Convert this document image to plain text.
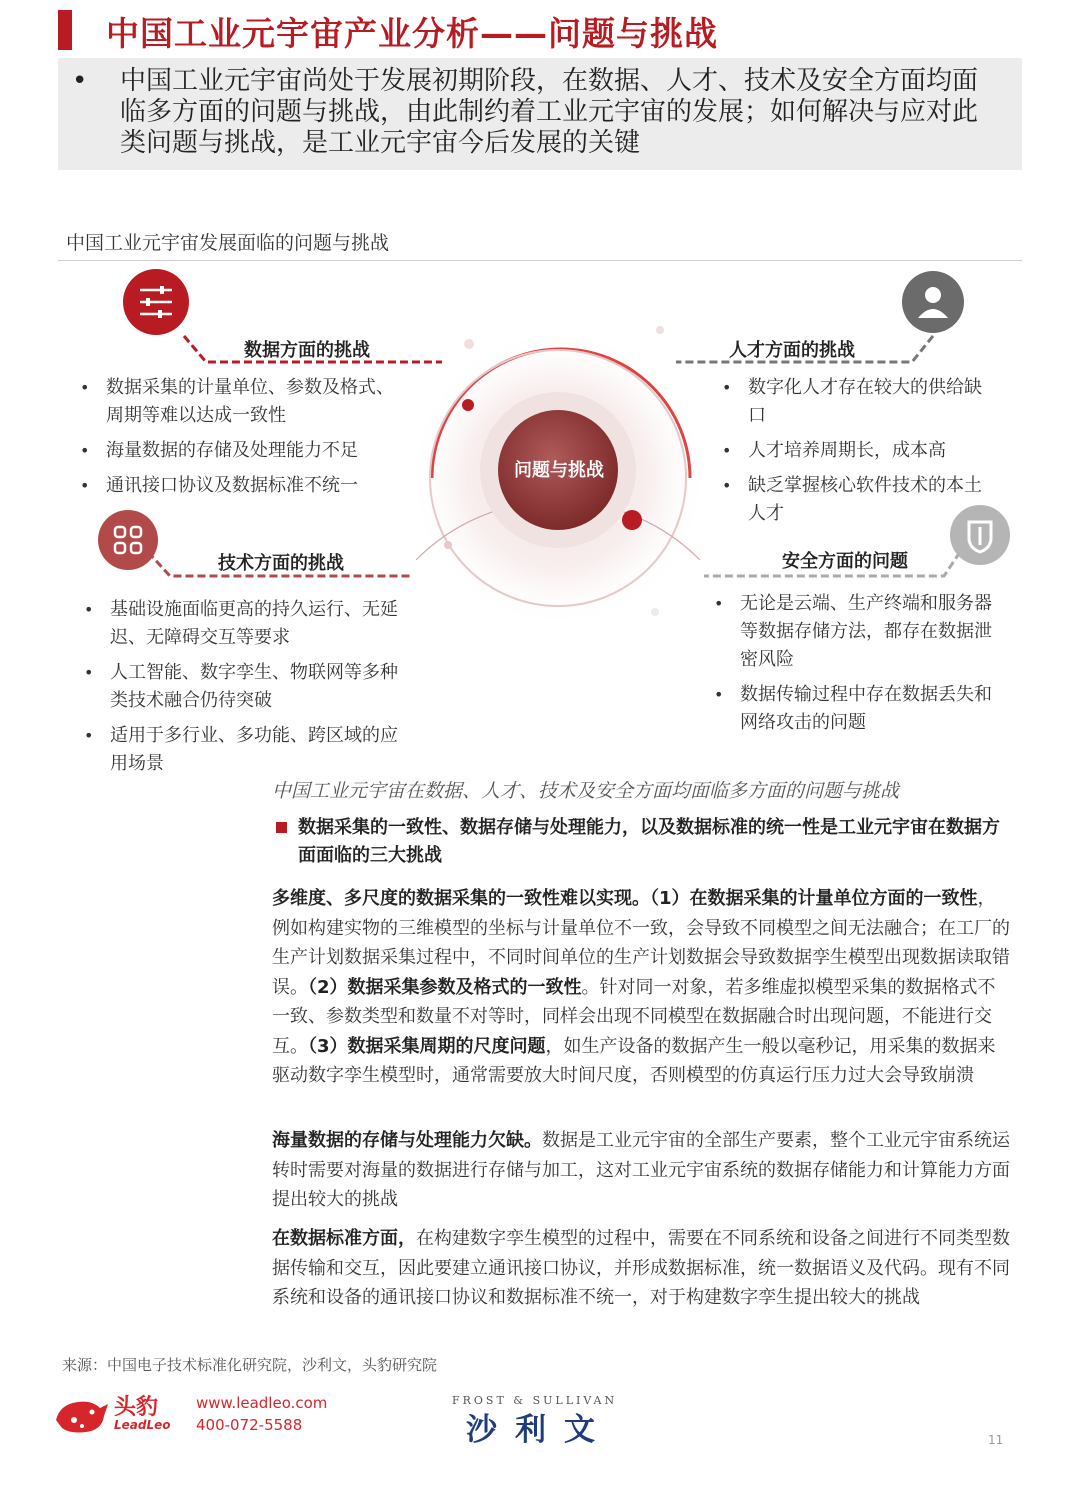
中国工业元宇宙产业分析——问题与挑战
• 中国工业元宇宙尚处于发展初期阶段，在数据、人才、技术及安全方面均面临多方面的问题与挑战，由此制约着工业元宇宙的发展；如何解决与应对此类问题与挑战，是工业元宇宙今后发展的关键
中国工业元宇宙发展面临的问题与挑战
问题与挑战
数据方面的挑战
• 数据采集的计量单位、参数及格式、周期等难以达成一致性
• 海量数据的存储及处理能力不足
• 通讯接口协议及数据标准不统一
人才方面的挑战
• 数字化人才存在较大的供给缺口
• 人才培养周期长，成本高
• 缺乏掌握核心软件技术的本土人才
技术方面的挑战
• 基础设施面临更高的持久运行、无延迟、无障碍交互等要求
• 人工智能、数字孪生、物联网等多种类技术融合仍待突破
• 适用于多行业、多功能、跨区域的应用场景
安全方面的问题
• 无论是云端、生产终端和服务器等数据存储方法，都存在数据泄密风险
• 数据传输过程中存在数据丢失和网络攻击的问题
中国工业元宇宙在数据、人才、技术及安全方面均面临多方面的问题与挑战
数据采集的一致性、数据存储与处理能力，以及数据标准的统一性是工业元宇宙在数据方面面临的三大挑战
多维度、多尺度的数据采集的一致性难以实现。（1）在数据采集的计量单位方面的一致性，例如构建实物的三维模型的坐标与计量单位不一致，会导致不同模型之间无法融合；在工厂的生产计划数据采集过程中，不同时间单位的生产计划数据会导致数据孪生模型出现数据读取错误。（2）数据采集参数及格式的一致性。针对同一对象，若多维虚拟模型采集的数据格式不一致、参数类型和数量不对等时，同样会出现不同模型在数据融合时出现问题，不能进行交互。（3）数据采集周期的尺度问题，如生产设备的数据产生一般以毫秒记，用采集的数据来驱动数字孪生模型时，通常需要放大时间尺度，否则模型的仿真运行压力过大会导致崩溃
海量数据的存储与处理能力欠缺。数据是工业元宇宙的全部生产要素，整个工业元宇宙系统运转时需要对海量的数据进行存储与加工，这对工业元宇宙系统的数据存储能力和计算能力方面提出较大的挑战
在数据标准方面，在构建数字孪生模型的过程中，需要在不同系统和设备之间进行不同类型数据传输和交互，因此要建立通讯接口协议，并形成数据标准，统一数据语义及代码。现有不同系统和设备的通讯接口协议和数据标准不统一，对于构建数字孪生提出较大的挑战
来源：中国电子技术标准化研究院，沙利文，头豹研究院
头豹
LeadLeo
www.leadleo.com
400-072-5588
FROST & SULLIVAN
沙利文	11
